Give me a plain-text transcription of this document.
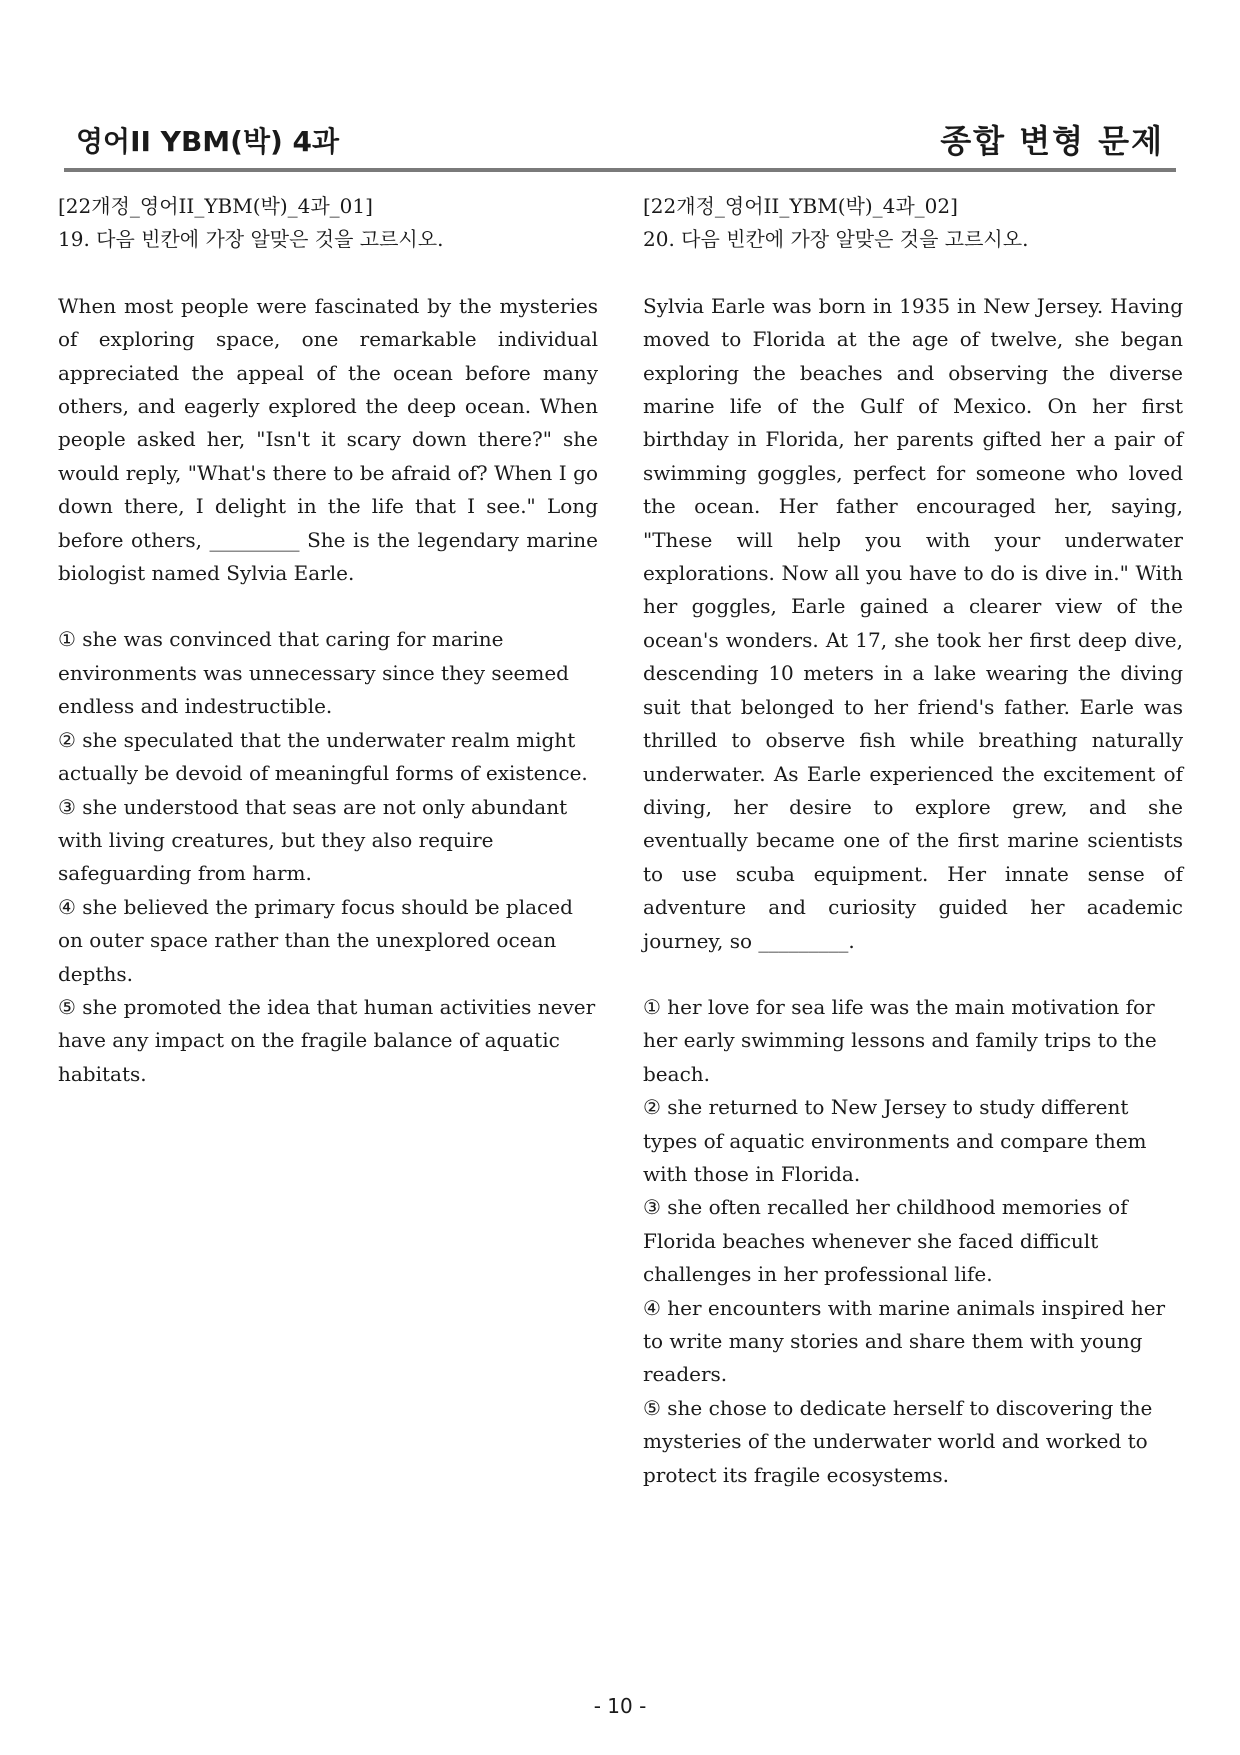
영어II YBM(박) 4과	종합 변형 문제
[22개정_영어II_YBM(박)_4과_01]
19. 다음 빈칸에 가장 알맞은 것을 고르시오.
When most people were fascinated by the mysteries of exploring space, one remarkable individual appreciated the appeal of the ocean before many others, and eagerly explored the deep ocean. When people asked her, "Isn't it scary down there?" she would reply, "What's there to be afraid of? When I go down there, I delight in the life that I see." Long before others, _________ She is the legendary marine biologist named Sylvia Earle.
① she was convinced that caring for marine environments was unnecessary since they seemed endless and indestructible.
② she speculated that the underwater realm might actually be devoid of meaningful forms of existence.
③ she understood that seas are not only abundant with living creatures, but they also require safeguarding from harm.
④ she believed the primary focus should be placed on outer space rather than the unexplored ocean depths.
⑤ she promoted the idea that human activities never have any impact on the fragile balance of aquatic habitats.
[22개정_영어II_YBM(박)_4과_02]
20. 다음 빈칸에 가장 알맞은 것을 고르시오.
Sylvia Earle was born in 1935 in New Jersey. Having moved to Florida at the age of twelve, she began exploring the beaches and observing the diverse marine life of the Gulf of Mexico. On her first birthday in Florida, her parents gifted her a pair of swimming goggles, perfect for someone who loved the ocean. Her father encouraged her, saying, "These will help you with your underwater explorations. Now all you have to do is dive in." With her goggles, Earle gained a clearer view of the ocean's wonders. At 17, she took her first deep dive, descending 10 meters in a lake wearing the diving suit that belonged to her friend's father. Earle was thrilled to observe fish while breathing naturally underwater. As Earle experienced the excitement of diving, her desire to explore grew, and she eventually became one of the first marine scientists to use scuba equipment. Her innate sense of adventure and curiosity guided her academic journey, so _________.
① her love for sea life was the main motivation for her early swimming lessons and family trips to the beach.
② she returned to New Jersey to study different types of aquatic environments and compare them with those in Florida.
③ she often recalled her childhood memories of Florida beaches whenever she faced difficult challenges in her professional life.
④ her encounters with marine animals inspired her to write many stories and share them with young readers.
⑤ she chose to dedicate herself to discovering the mysteries of the underwater world and worked to protect its fragile ecosystems.
- 10 -
